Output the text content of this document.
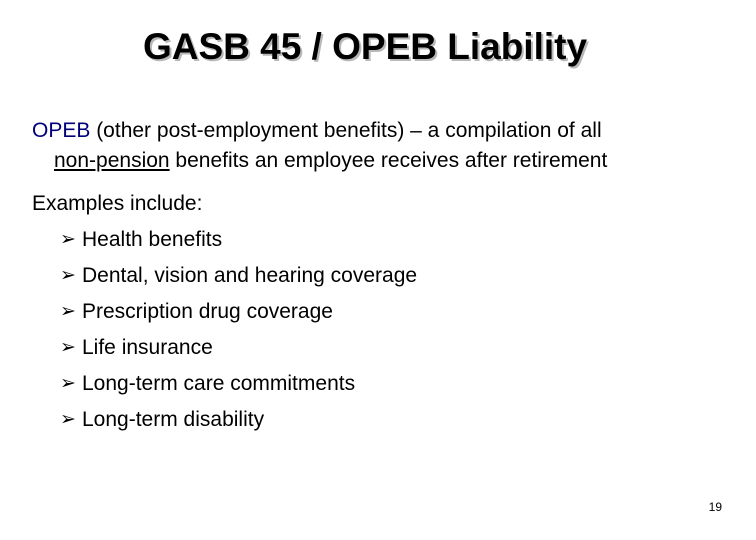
GASB 45 / OPEB Liability
OPEB (other post-employment benefits) – a compilation of all
non-pension benefits an employee receives after retirement
Examples include:
➢ Health benefits
➢ Dental, vision and hearing coverage
➢ Prescription drug coverage
➢ Life insurance
➢ Long-term care commitments
➢ Long-term disability
19
